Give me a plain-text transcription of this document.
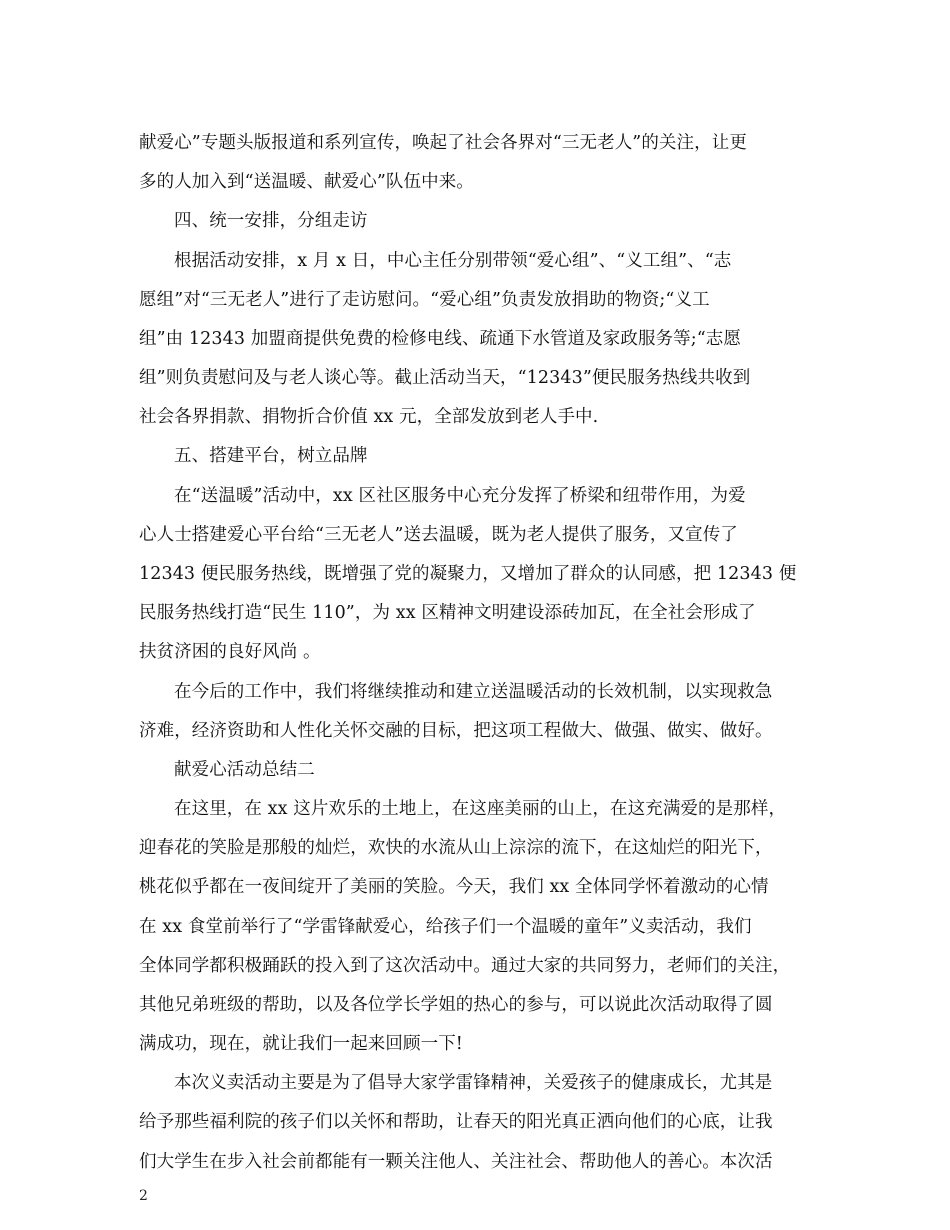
献爱心”专题头版报道和系列宣传，唤起了社会各界对“三无老人”的关注，让更
多的人加入到“送温暖、献爱心”队伍中来。
四、统一安排，分组走访
根据活动安排，x 月 x 日，中心主任分别带领“爱心组”、“义工组”、“志
愿组”对“三无老人”进行了走访慰问。“爱心组”负责发放捐助的物资;“义工
组”由 12343 加盟商提供免费的检修电线、疏通下水管道及家政服务等;“志愿
组”则负责慰问及与老人谈心等。截止活动当天，“12343”便民服务热线共收到
社会各界捐款、捐物折合价值 xx 元，全部发放到老人手中.
五、搭建平台，树立品牌
在“送温暖”活动中，xx 区社区服务中心充分发挥了桥梁和纽带作用，为爱
心人士搭建爱心平台给“三无老人”送去温暖，既为老人提供了服务，又宣传了
12343 便民服务热线，既增强了党的凝聚力，又增加了群众的认同感，把 12343 便
民服务热线打造“民生 110”，为 xx 区精神文明建设添砖加瓦，在全社会形成了
扶贫济困的良好风尚 。
在今后的工作中，我们将继续推动和建立送温暖活动的长效机制，以实现救急
济难，经济资助和人性化关怀交融的目标，把这项工程做大、做强、做实、做好。
献爱心活动总结二
在这里，在 xx 这片欢乐的土地上，在这座美丽的山上，在这充满爱的是那样，
迎春花的笑脸是那般的灿烂，欢快的水流从山上淙淙的流下，在这灿烂的阳光下，
桃花似乎都在一夜间绽开了美丽的笑脸。今天，我们 xx 全体同学怀着激动的心情
在 xx 食堂前举行了“学雷锋献爱心，给孩子们一个温暖的童年”义卖活动，我们
全体同学都积极踊跃的投入到了这次活动中。通过大家的共同努力，老师们的关注，
其他兄弟班级的帮助，以及各位学长学姐的热心的参与，可以说此次活动取得了圆
满成功，现在，就让我们一起来回顾一下!
本次义卖活动主要是为了倡导大家学雷锋精神，关爱孩子的健康成长，尤其是
给予那些福利院的孩子们以关怀和帮助，让春天的阳光真正洒向他们的心底，让我
们大学生在步入社会前都能有一颗关注他人、关注社会、帮助他人的善心。本次活
2
